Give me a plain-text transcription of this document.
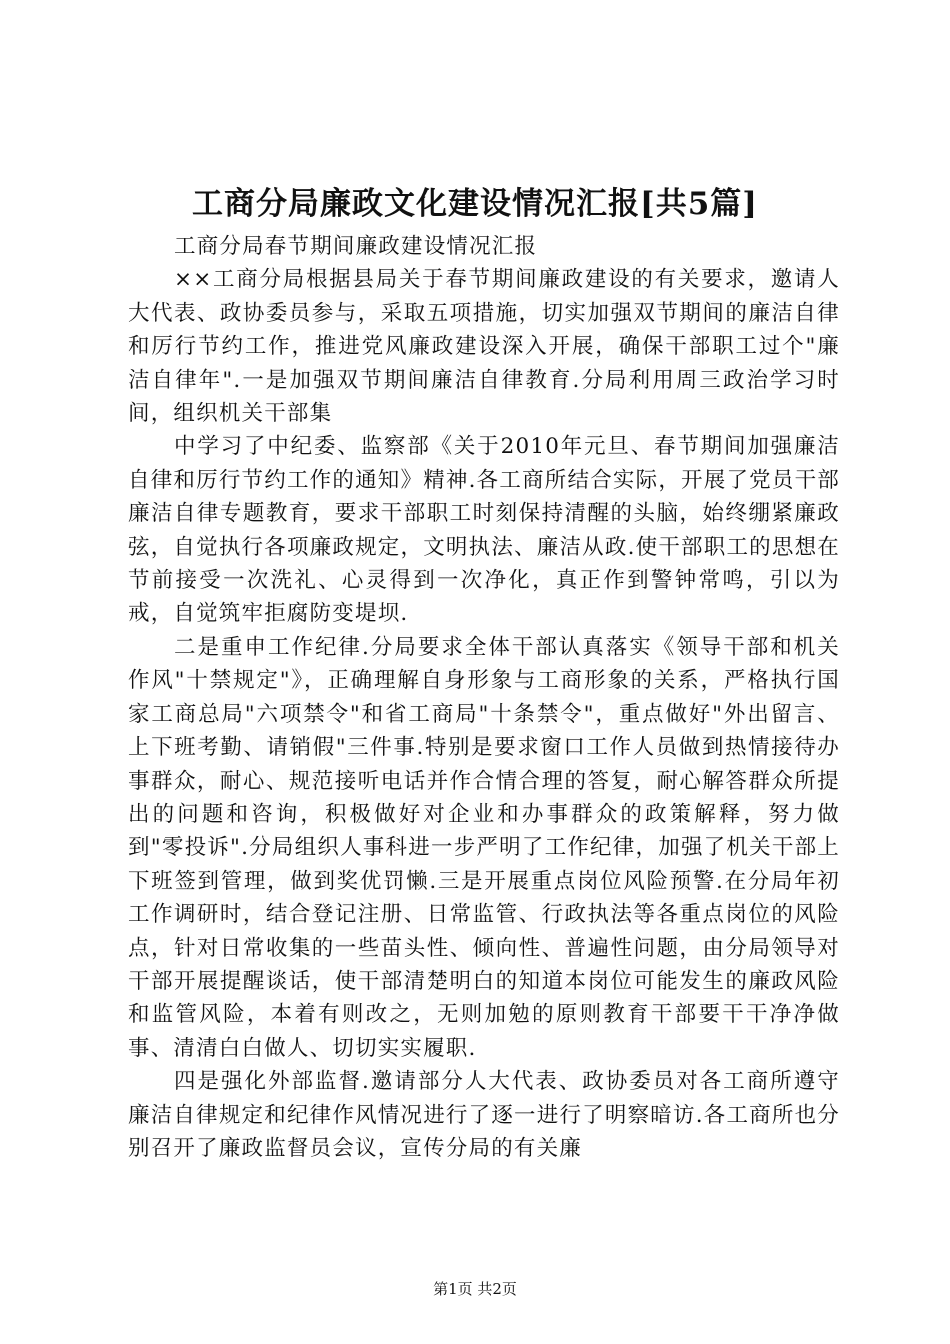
工商分局廉政文化建设情况汇报[共5篇]

工商分局春节期间廉政建设情况汇报

××工商分局根据县局关于春节期间廉政建设的有关要求，邀请人大代表、政协委员参与，采取五项措施，切实加强双节期间的廉洁自律和厉行节约工作，推进党风廉政建设深入开展，确保干部职工过个"廉洁自律年".一是加强双节期间廉洁自律教育.分局利用周三政治学习时间，组织机关干部集

中学习了中纪委、监察部《关于2010年元旦、春节期间加强廉洁自律和厉行节约工作的通知》精神.各工商所结合实际，开展了党员干部廉洁自律专题教育，要求干部职工时刻保持清醒的头脑，始终绷紧廉政弦，自觉执行各项廉政规定，文明执法、廉洁从政.使干部职工的思想在节前接受一次洗礼、心灵得到一次净化，真正作到警钟常鸣，引以为戒，自觉筑牢拒腐防变堤坝.

二是重申工作纪律.分局要求全体干部认真落实《领导干部和机关作风"十禁规定"》，正确理解自身形象与工商形象的关系，严格执行国家工商总局"六项禁令"和省工商局"十条禁令"，重点做好"外出留言、上下班考勤、请销假"三件事.特别是要求窗口工作人员做到热情接待办事群众，耐心、规范接听电话并作合情合理的答复，耐心解答群众所提出的问题和咨询，积极做好对企业和办事群众的政策解释，努力做到"零投诉".分局组织人事科进一步严明了工作纪律，加强了机关干部上下班签到管理，做到奖优罚懒.三是开展重点岗位风险预警.在分局年初工作调研时，结合登记注册、日常监管、行政执法等各重点岗位的风险点，针对日常收集的一些苗头性、倾向性、普遍性问题，由分局领导对干部开展提醒谈话，使干部清楚明白的知道本岗位可能发生的廉政风险和监管风险，本着有则改之，无则加勉的原则教育干部要干干净净做事、清清白白做人、切切实实履职.

四是强化外部监督.邀请部分人大代表、政协委员对各工商所遵守廉洁自律规定和纪律作风情况进行了逐一进行了明察暗访.各工商所也分别召开了廉政监督员会议，宣传分局的有关廉

第1页 共2页
